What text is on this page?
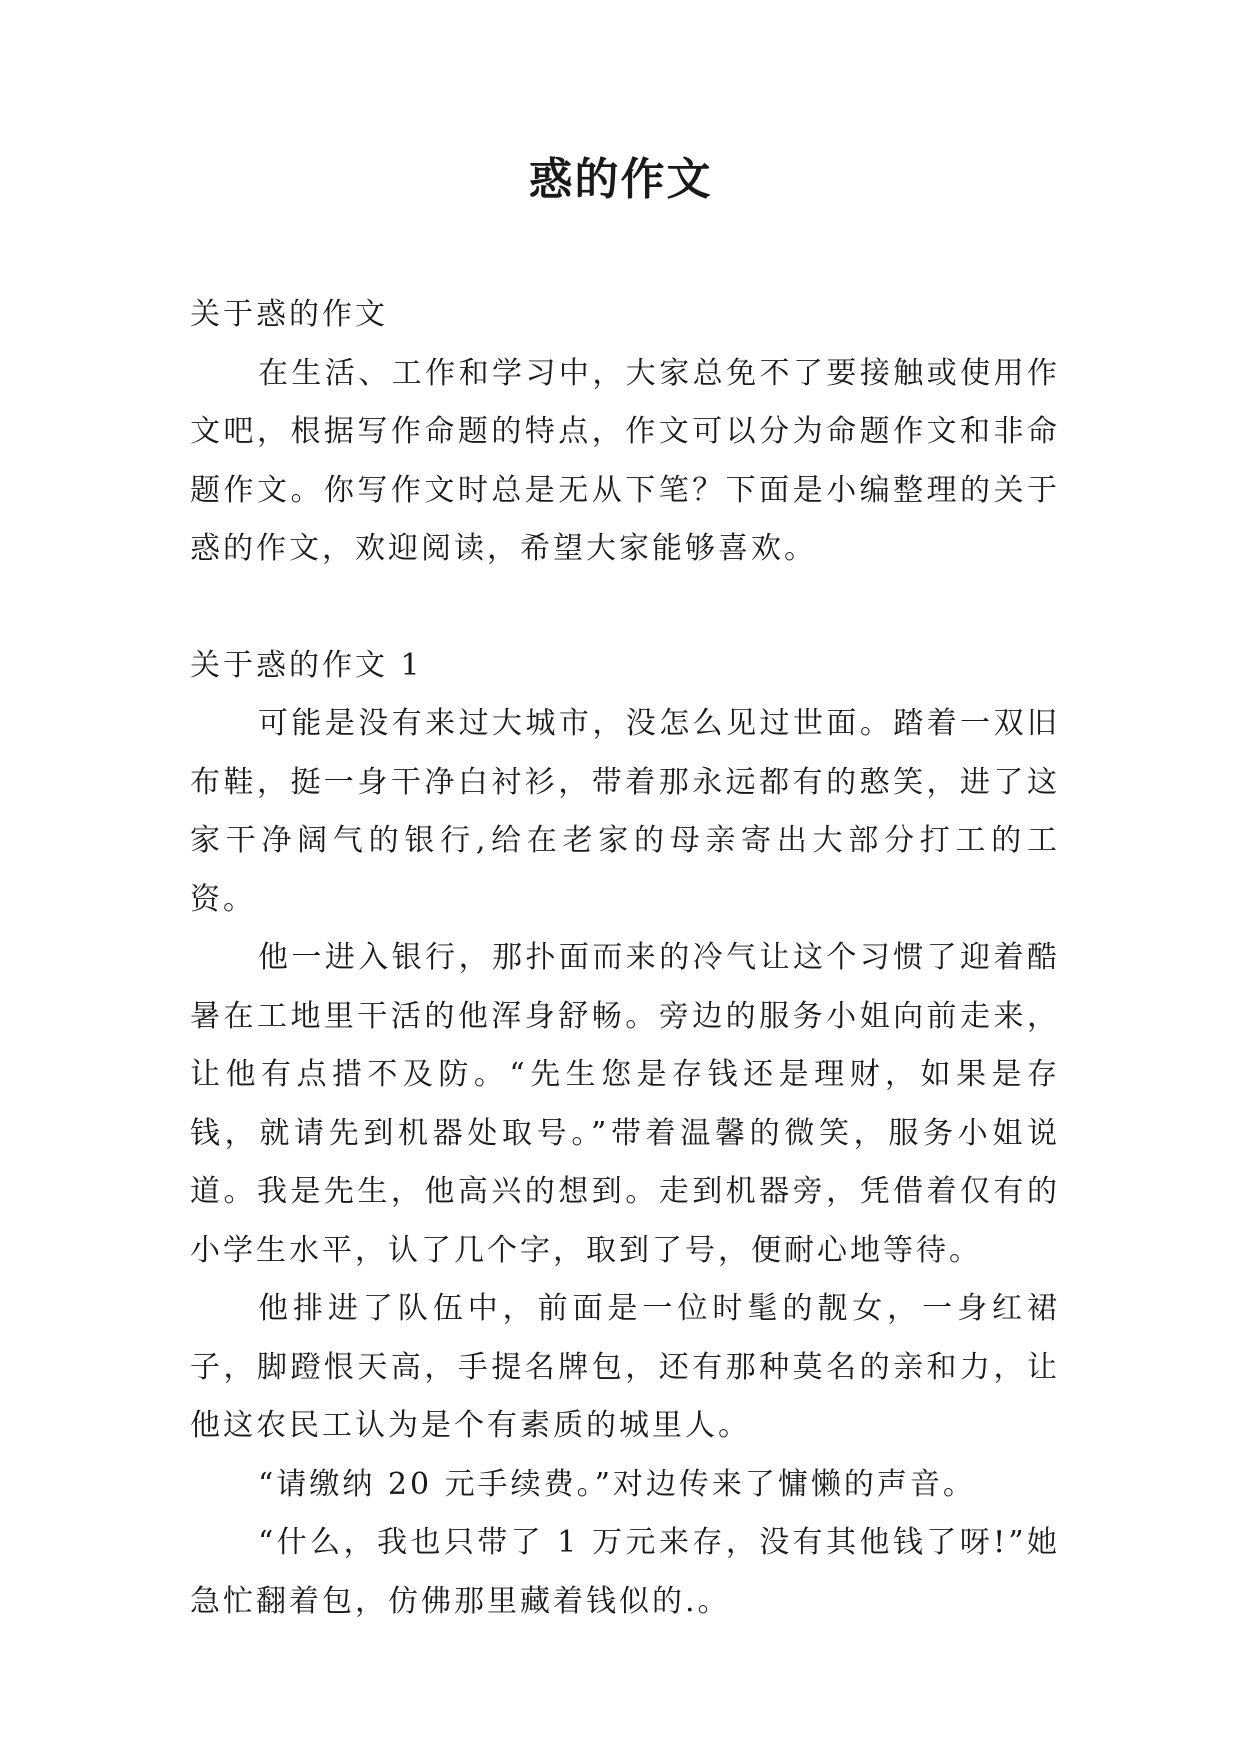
惑的作文

关于惑的作文

在生活、工作和学习中，大家总免不了要接触或使用作文吧，根据写作命题的特点，作文可以分为命题作文和非命题作文。你写作文时总是无从下笔？下面是小编整理的关于惑的作文，欢迎阅读，希望大家能够喜欢。

关于惑的作文 1

可能是没有来过大城市，没怎么见过世面。踏着一双旧布鞋，挺一身干净白衬衫，带着那永远都有的憨笑，进了这家干净阔气的银行,给在老家的母亲寄出大部分打工的工资。

他一进入银行，那扑面而来的冷气让这个习惯了迎着酷暑在工地里干活的他浑身舒畅。旁边的服务小姐向前走来，让他有点措不及防。“先生您是存钱还是理财，如果是存钱，就请先到机器处取号。”带着温馨的微笑，服务小姐说道。我是先生，他高兴的想到。走到机器旁，凭借着仅有的小学生水平，认了几个字，取到了号，便耐心地等待。

他排进了队伍中，前面是一位时髦的靓女，一身红裙子，脚蹬恨天高，手提名牌包，还有那种莫名的亲和力，让他这农民工认为是个有素质的城里人。

“请缴纳 20 元手续费。”对边传来了慵懒的声音。

“什么，我也只带了 1 万元来存，没有其他钱了呀!”她急忙翻着包，仿佛那里藏着钱似的.。
